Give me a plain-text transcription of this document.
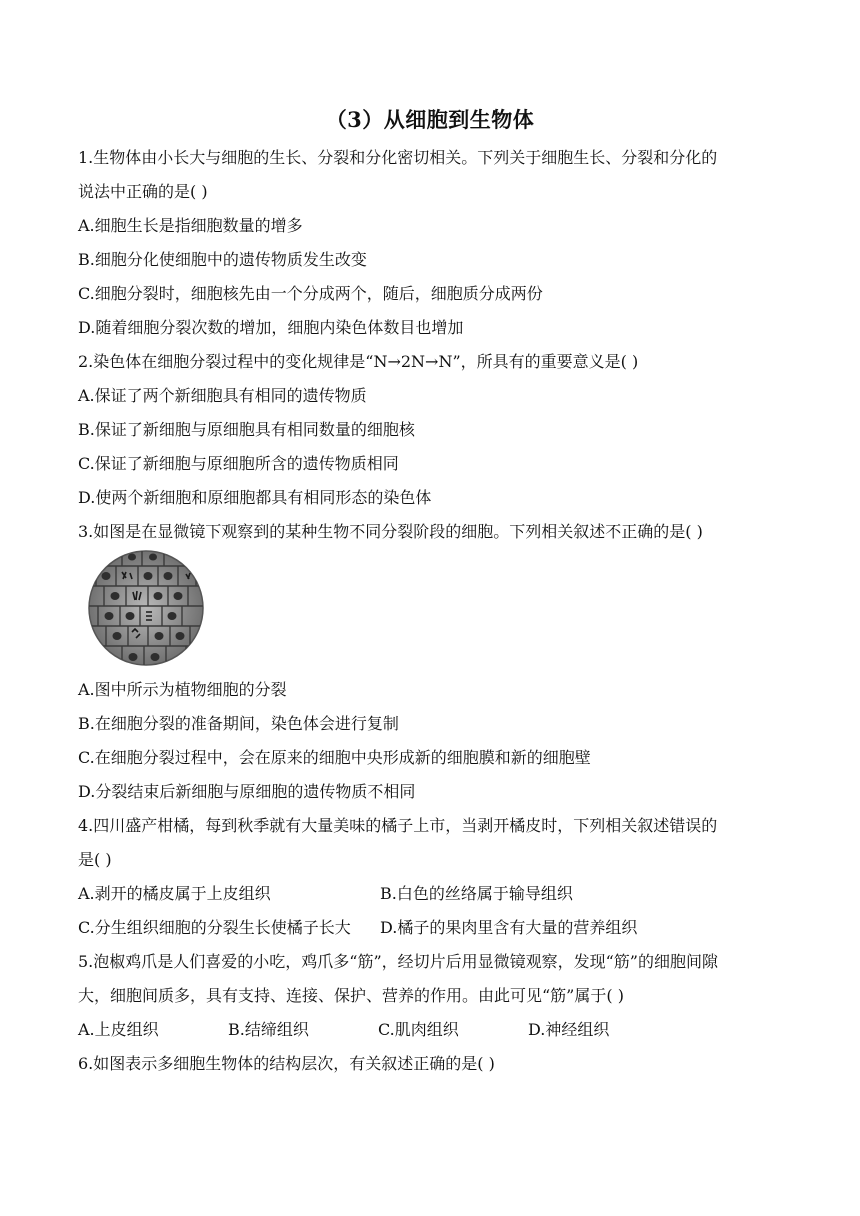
（3）从细胞到生物体
1.生物体由小长大与细胞的生长、分裂和分化密切相关。下列关于细胞生长、分裂和分化的
说法中正确的是( )
A.细胞生长是指细胞数量的增多
B.细胞分化使细胞中的遗传物质发生改变
C.细胞分裂时，细胞核先由一个分成两个，随后，细胞质分成两份
D.随着细胞分裂次数的增加，细胞内染色体数目也增加
2.染色体在细胞分裂过程中的变化规律是“N→2N→N”，所具有的重要意义是( )
A.保证了两个新细胞具有相同的遗传物质
B.保证了新细胞与原细胞具有相同数量的细胞核
C.保证了新细胞与原细胞所含的遗传物质相同
D.使两个新细胞和原细胞都具有相同形态的染色体
3.如图是在显微镜下观察到的某种生物不同分裂阶段的细胞。下列相关叙述不正确的是( )
A.图中所示为植物细胞的分裂
B.在细胞分裂的准备期间，染色体会进行复制
C.在细胞分裂过程中，会在原来的细胞中央形成新的细胞膜和新的细胞壁
D.分裂结束后新细胞与原细胞的遗传物质不相同
4.四川盛产柑橘，每到秋季就有大量美味的橘子上市，当剥开橘皮时，下列相关叙述错误的
是( )
A.剥开的橘皮属于上皮组织	B.白色的丝络属于输导组织
C.分生组织细胞的分裂生长使橘子长大 D.橘子的果肉里含有大量的营养组织
5.泡椒鸡爪是人们喜爱的小吃，鸡爪多“筋”，经切片后用显微镜观察，发现“筋”的细胞间隙
大，细胞间质多，具有支持、连接、保护、营养的作用。由此可见“筋”属于( )
A.上皮组织	B.结缔组织	C.肌肉组织	D.神经组织
6.如图表示多细胞生物体的结构层次，有关叙述正确的是( )
